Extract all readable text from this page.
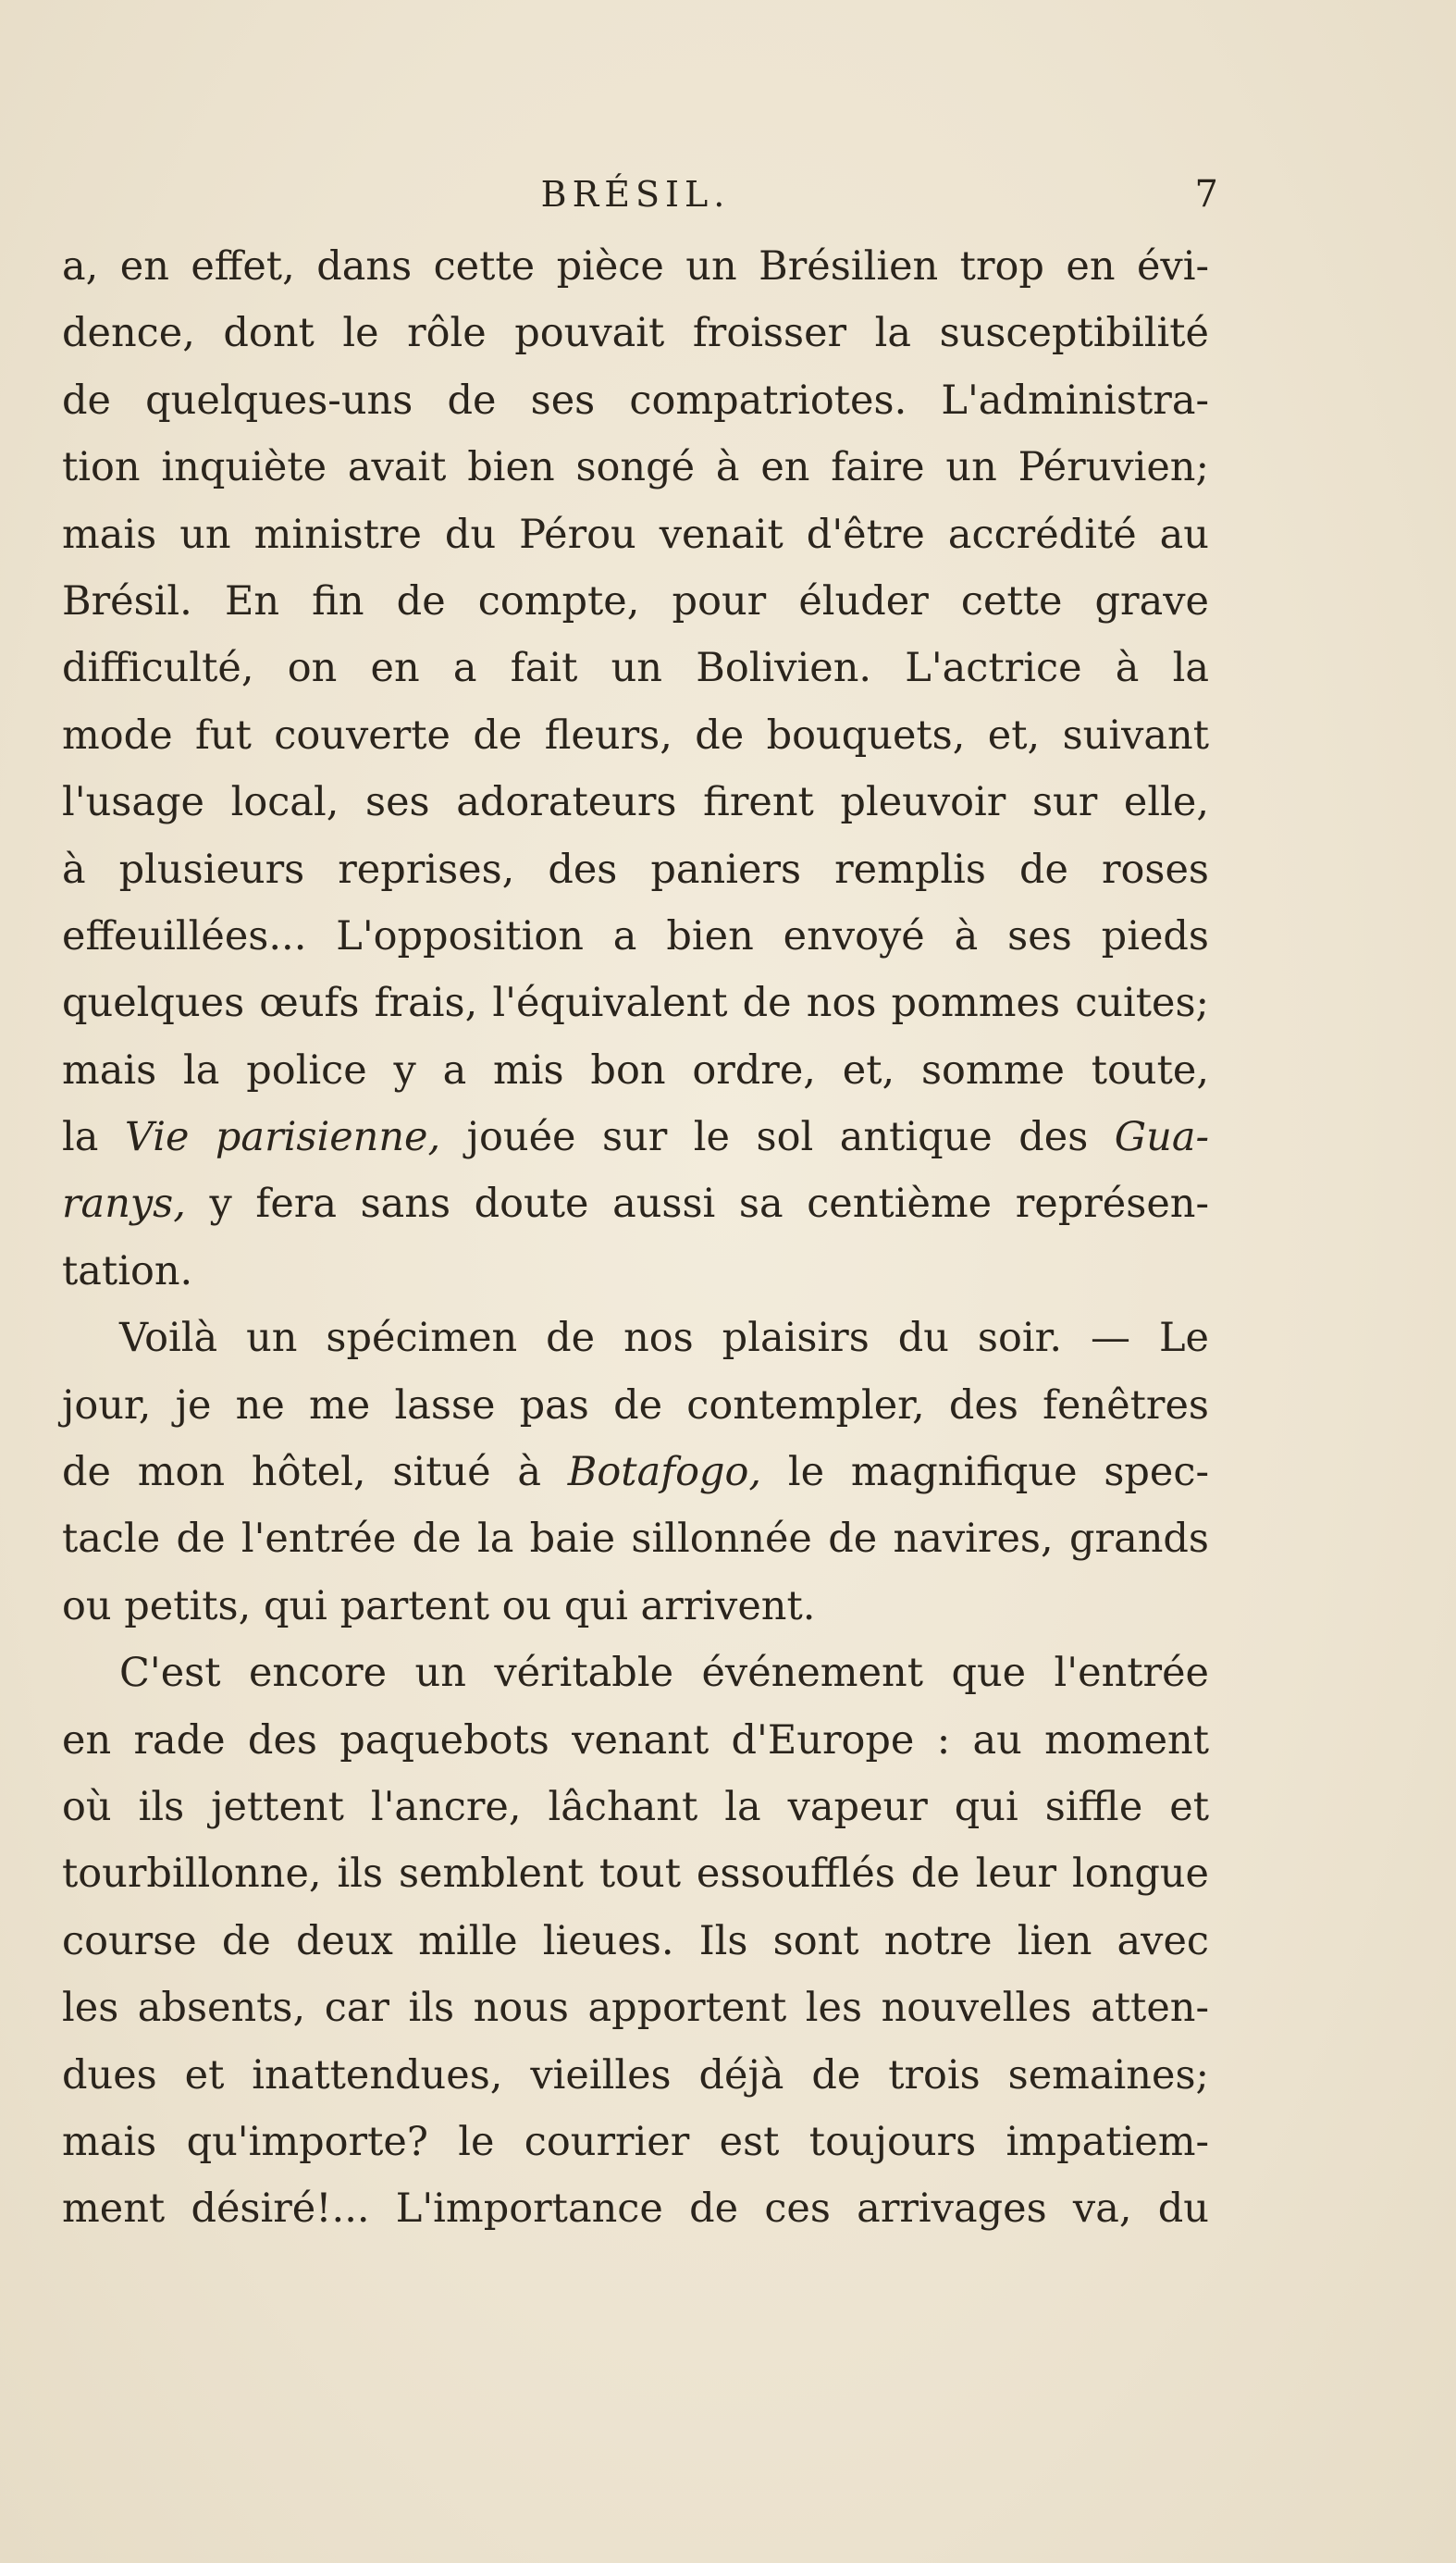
BRÉSIL.	7
a, en effet, dans cette pièce un Brésilien trop en évi-
dence, dont le rôle pouvait froisser la susceptibilité
de quelques-uns de ses compatriotes. L'administra-
tion inquiète avait bien songé à en faire un Péruvien;
mais un ministre du Pérou venait d'être accrédité au
Brésil. En fin de compte, pour éluder cette grave
difficulté, on en a fait un Bolivien. L'actrice à la
mode fut couverte de fleurs, de bouquets, et, suivant
l'usage local, ses adorateurs firent pleuvoir sur elle,
à plusieurs reprises, des paniers remplis de roses
effeuillées... L'opposition a bien envoyé à ses pieds
quelques œufs frais, l'équivalent de nos pommes cuites;
mais la police y a mis bon ordre, et, somme toute,
la Vie parisienne, jouée sur le sol antique des Gua-
ranys, y fera sans doute aussi sa centième représen-
tation.
Voilà un spécimen de nos plaisirs du soir. — Le
jour, je ne me lasse pas de contempler, des fenêtres
de mon hôtel, situé à Botafogo, le magnifique spec-
tacle de l'entrée de la baie sillonnée de navires, grands
ou petits, qui partent ou qui arrivent.
C'est encore un véritable événement que l'entrée
en rade des paquebots venant d'Europe : au moment
où ils jettent l'ancre, lâchant la vapeur qui siffle et
tourbillonne, ils semblent tout essoufflés de leur longue
course de deux mille lieues. Ils sont notre lien avec
les absents, car ils nous apportent les nouvelles atten-
dues et inattendues, vieilles déjà de trois semaines;
mais qu'importe? le courrier est toujours impatiem-
ment désiré!... L'importance de ces arrivages va, du
